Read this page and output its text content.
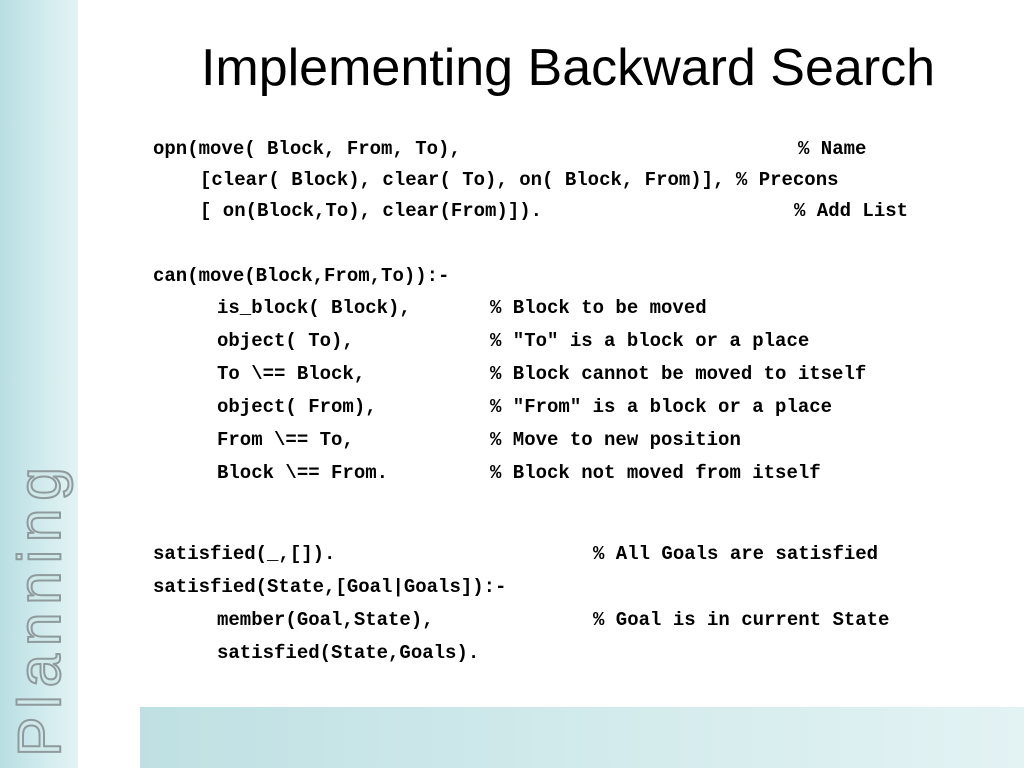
Planning
Implementing Backward Search
opn(move( Block, From, To),	% Name
[clear( Block), clear( To), on( Block, From)], % Precons
[ on(Block,To), clear(From)]).	% Add List
can(move(Block,From,To)):-
is_block( Block),	% Block to be moved
object( To),	% "To" is a block or a place
To \== Block,	% Block cannot be moved to itself
object( From),	% "From" is a block or a place
From \== To,	% Move to new position
Block \== From.	% Block not moved from itself
satisfied(_,[]).	% All Goals are satisfied
satisfied(State,[Goal|Goals]):-
member(Goal,State),	% Goal is in current State
satisfied(State,Goals).
